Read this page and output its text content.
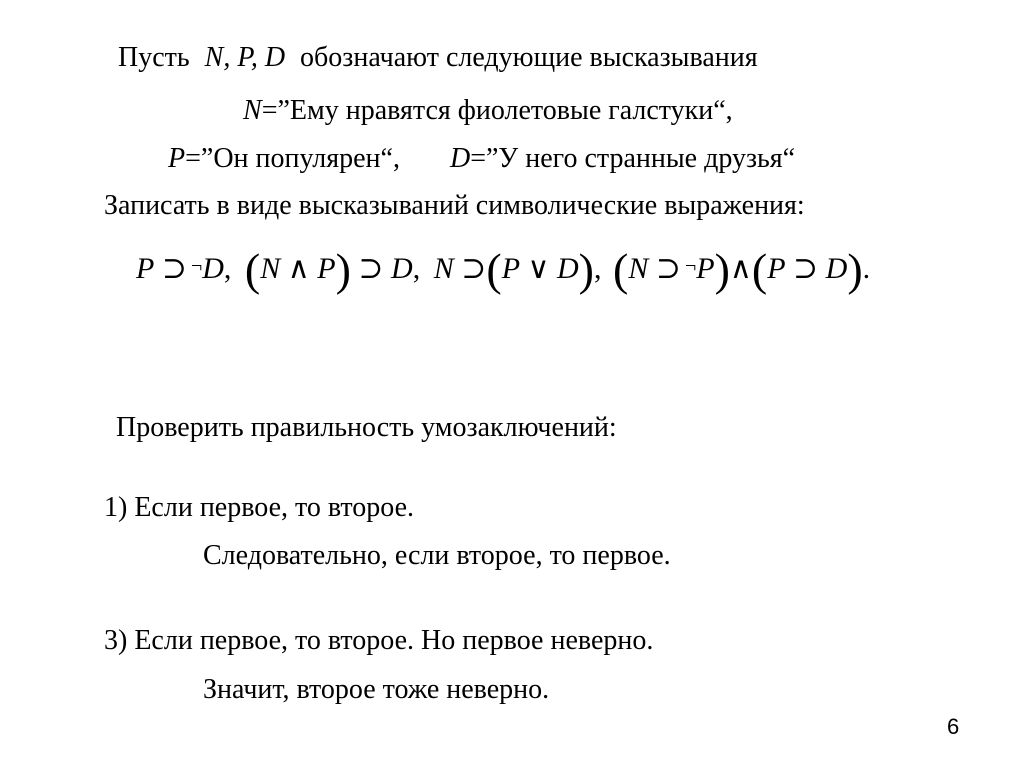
Пусть N, P, D обозначают следующие высказывания
N=”Ему нравятся фиолетовые галстуки“,
P=”Он популярен“, D=”У него странные друзья“
Записать в виде высказываний символические выражения:
P ⊃ ¬D, (N ∧ P) ⊃ D, N ⊃(P ∨ D), (N ⊃ ¬P)∧(P ⊃ D).
Проверить правильность умозаключений:
1) Если первое, то второе.
Следовательно, если второе, то первое.
3) Если первое, то второе. Но первое неверно.
Значит, второе тоже неверно.
6
